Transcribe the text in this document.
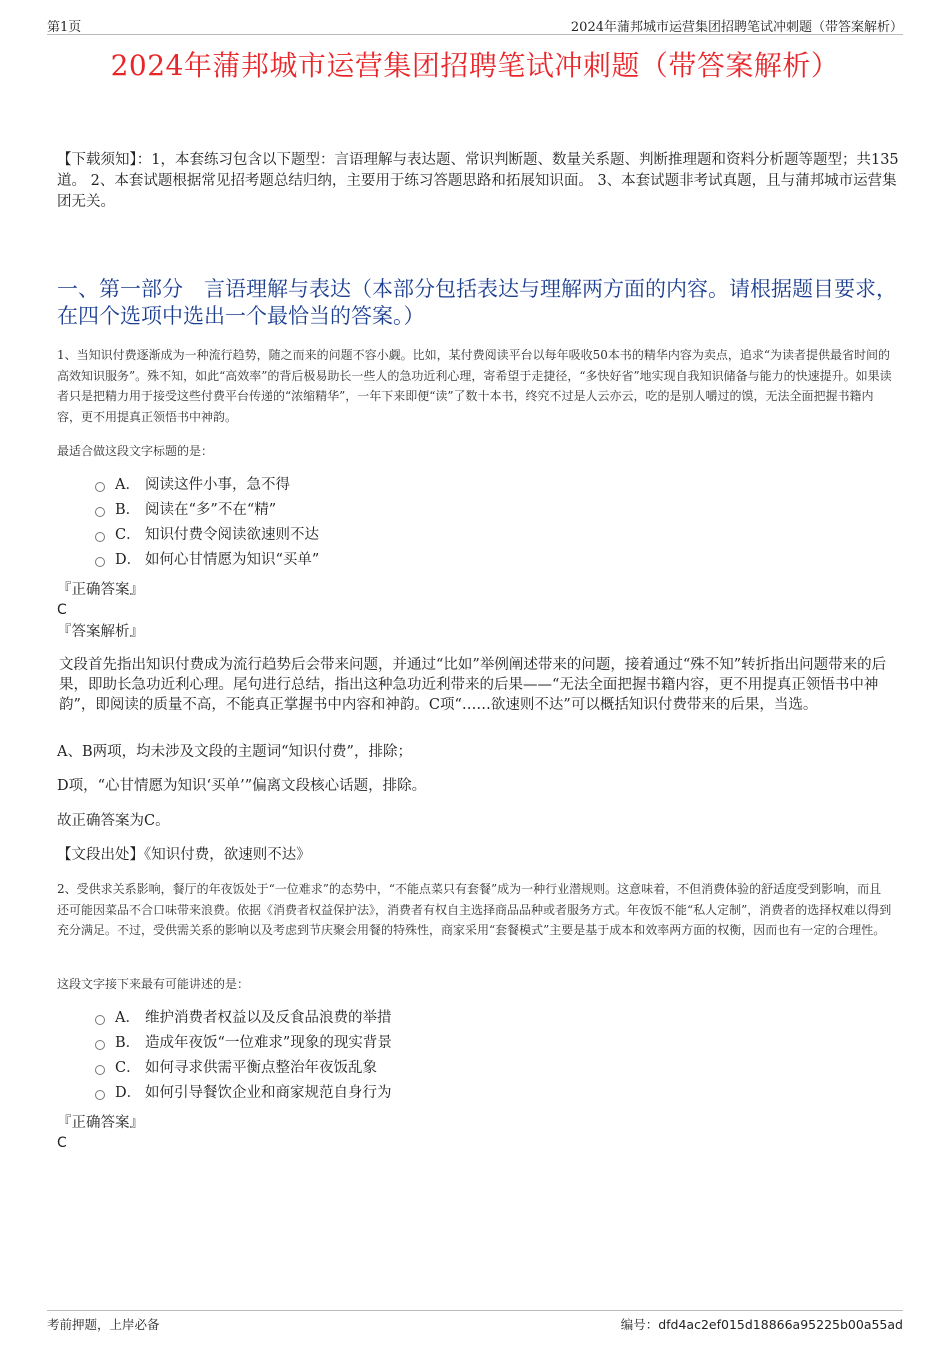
第1页	2024年蒲邦城市运营集团招聘笔试冲刺题（带答案解析）
2024年蒲邦城市运营集团招聘笔试冲刺题（带答案解析）
【下载须知】：1，本套练习包含以下题型：言语理解与表达题、常识判断题、数量关系题、判断推理题和资料分析题等题型；共135道。 2、本套试题根据常见招考题总结归纳，主要用于练习答题思路和拓展知识面。 3、本套试题非考试真题，且与蒲邦城市运营集团无关。
一、第一部分　言语理解与表达（本部分包括表达与理解两方面的内容。请根据题目要求，在四个选项中选出一个最恰当的答案。）
1、当知识付费逐渐成为一种流行趋势，随之而来的问题不容小觑。比如，某付费阅读平台以每年吸收50本书的精华内容为卖点，追求“为读者提供最省时间的高效知识服务”。殊不知，如此“高效率”的背后极易助长一些人的急功近利心理，寄希望于走捷径，“多快好省”地实现自我知识储备与能力的快速提升。如果读者只是把精力用于接受这些付费平台传递的“浓缩精华”，一年下来即便“读”了数十本书，终究不过是人云亦云，吃的是别人嚼过的馍，无法全面把握书籍内容，更不用提真正领悟书中神韵。
最适合做这段文字标题的是：
A． 阅读这件小事，急不得
B． 阅读在“多”不在“精”
C． 知识付费令阅读欲速则不达
D． 如何心甘情愿为知识“买单”
『正确答案』
C
『答案解析』
文段首先指出知识付费成为流行趋势后会带来问题，并通过“比如”举例阐述带来的问题，接着通过“殊不知”转折指出问题带来的后果，即助长急功近利心理。尾句进行总结，指出这种急功近利带来的后果——“无法全面把握书籍内容，更不用提真正领悟书中神韵”，即阅读的质量不高，不能真正掌握书中内容和神韵。C项“……欲速则不达”可以概括知识付费带来的后果，当选。
A、B两项，均未涉及文段的主题词“知识付费”，排除；
D项，“心甘情愿为知识‘买单’”偏离文段核心话题，排除。
故正确答案为C。
【文段出处】《知识付费，欲速则不达》
2、受供求关系影响，餐厅的年夜饭处于“一位难求”的态势中，“不能点菜只有套餐”成为一种行业潜规则。这意味着，不但消费体验的舒适度受到影响，而且还可能因菜品不合口味带来浪费。依据《消费者权益保护法》，消费者有权自主选择商品品种或者服务方式。年夜饭不能“私人定制”，消费者的选择权难以得到充分满足。不过，受供需关系的影响以及考虑到节庆聚会用餐的特殊性，商家采用“套餐模式”主要是基于成本和效率两方面的权衡，因而也有一定的合理性。
这段文字接下来最有可能讲述的是：
A． 维护消费者权益以及反食品浪费的举措
B． 造成年夜饭“一位难求”现象的现实背景
C． 如何寻求供需平衡点整治年夜饭乱象
D． 如何引导餐饮企业和商家规范自身行为
『正确答案』
C
考前押题，上岸必备	编号：dfd4ac2ef015d18866a95225b00a55ad
